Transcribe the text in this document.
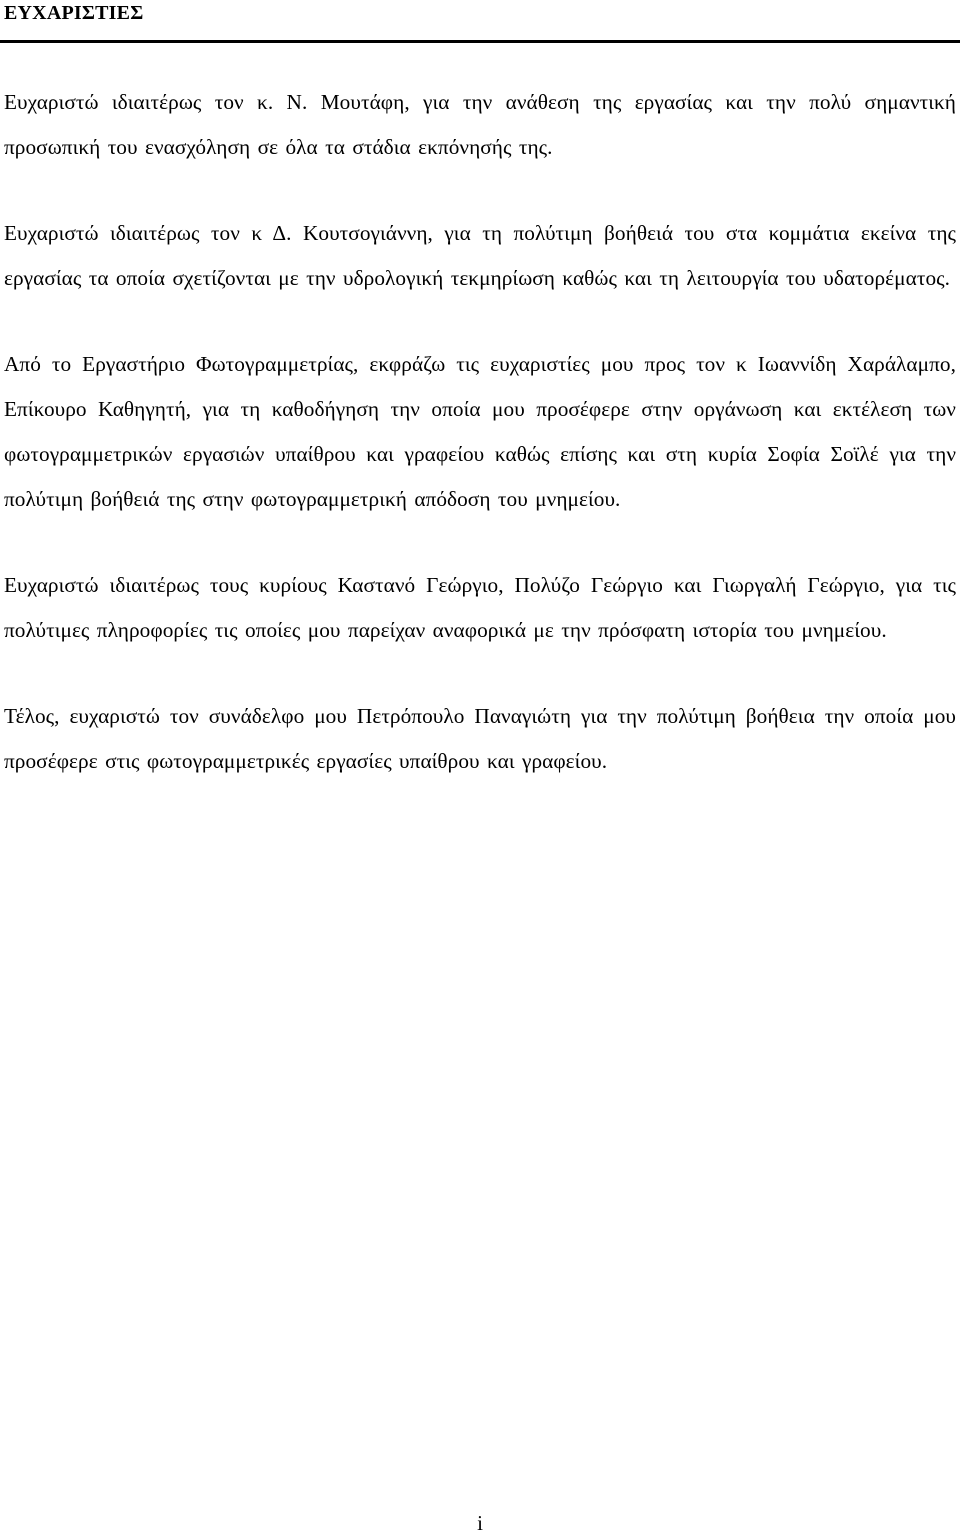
ΕΥΧΑΡΙΣΤΙΕΣ

Ευχαριστώ ιδιαιτέρως τον κ. Ν. Μουτάφη, για την ανάθεση της εργασίας και την πολύ σημαντική προσωπική του ενασχόληση σε όλα τα στάδια εκπόνησής της.

Ευχαριστώ ιδιαιτέρως τον κ Δ. Κουτσογιάννη, για τη πολύτιμη βοήθειά του στα κομμάτια εκείνα της εργασίας τα οποία σχετίζονται με την υδρολογική τεκμηρίωση καθώς και τη λειτουργία του υδατορέματος.

Από το Εργαστήριο Φωτογραμμετρίας, εκφράζω τις ευχαριστίες μου προς τον κ Ιωαννίδη Χαράλαμπο, Επίκουρο Καθηγητή, για τη καθοδήγηση την οποία μου προσέφερε στην οργάνωση και εκτέλεση των φωτογραμμετρικών εργασιών υπαίθρου και γραφείου καθώς επίσης και στη κυρία Σοφία Σοϊλέ για την πολύτιμη βοήθειά της στην φωτογραμμετρική απόδοση του μνημείου.

Ευχαριστώ ιδιαιτέρως τους κυρίους Καστανό Γεώργιο, Πολύζο Γεώργιο και Γιωργαλή Γεώργιο, για τις πολύτιμες πληροφορίες τις οποίες μου παρείχαν αναφορικά με την πρόσφατη ιστορία του μνημείου.

Τέλος, ευχαριστώ τον συνάδελφο μου Πετρόπουλο Παναγιώτη για την πολύτιμη βοήθεια την οποία μου προσέφερε στις φωτογραμμετρικές εργασίες υπαίθρου και γραφείου.

i
